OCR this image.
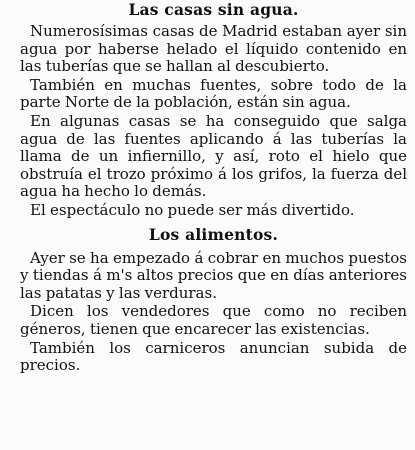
Las casas sin agua.

Numerosísimas casas de Madrid estaban ayer sin agua por haberse helado el líquido contenido en las tuberías que se hallan al descubierto.

También en muchas fuentes, sobre todo de la parte Norte de la población, están sin agua.

En algunas casas se ha conseguido que salga agua de las fuentes aplicando á las tuberías la llama de un infiernillo, y así, roto el hielo que obstruía el trozo próximo á los grifos, la fuerza del agua ha hecho lo demás.

El espectáculo no puede ser más divertido.

Los alimentos.

Ayer se ha empezado á cobrar en muchos puestos y tiendas á m's altos precios que en días anteriores las patatas y las verduras.

Dicen los vendedores que como no reciben géneros, tienen que encarecer las existencias.

También los carniceros anuncian subida de precios.
